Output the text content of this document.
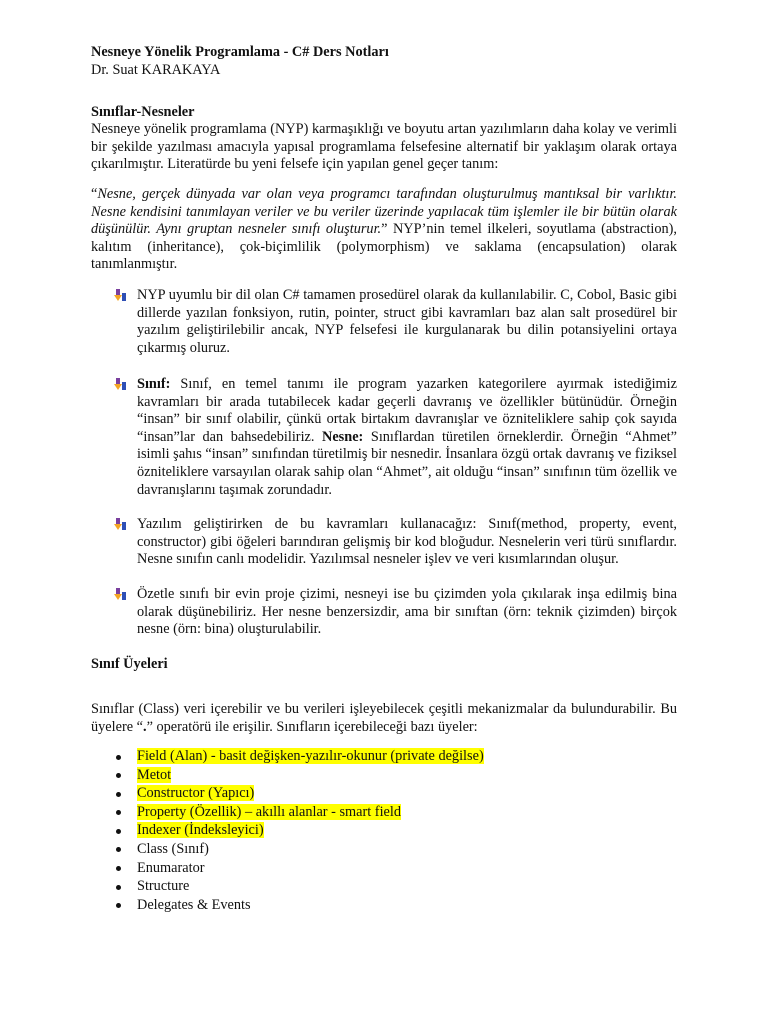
Nesneye Yönelik Programlama - C# Ders Notları
Dr. Suat KARAKAYA
Sınıflar-Nesneler
Nesneye yönelik programlama (NYP) karmaşıklığı ve boyutu artan yazılımların daha kolay ve verimli bir şekilde yazılması amacıyla yapısal programlama felsefesine alternatif bir yaklaşım olarak ortaya çıkarılmıştır. Literatürde bu yeni felsefe için yapılan genel geçer tanım:
“Nesne, gerçek dünyada var olan veya programcı tarafından oluşturulmuş mantıksal bir varlıktır. Nesne kendisini tanımlayan veriler ve bu veriler üzerinde yapılacak tüm işlemler ile bir bütün olarak düşünülür. Aynı gruptan nesneler sınıfı oluşturur.” NYP’nin temel ilkeleri, soyutlama (abstraction), kalıtım (inheritance), çok-biçimlilik (polymorphism) ve saklama (encapsulation) olarak tanımlanmıştır.
NYP uyumlu bir dil olan C# tamamen prosedürel olarak da kullanılabilir. C, Cobol, Basic gibi dillerde yazılan fonksiyon, rutin, pointer, struct gibi kavramları baz alan salt prosedürel bir yazılım geliştirilebilir ancak, NYP felsefesi ile kurgulanarak bu dilin potansiyelini ortaya çıkarmış oluruz.
Sınıf: Sınıf, en temel tanımı ile program yazarken kategorilere ayırmak istediğimiz kavramları bir arada tutabilecek kadar geçerli davranış ve özellikler bütünüdür. Örneğin “insan” bir sınıf olabilir, çünkü ortak birtakım davranışlar ve özniteliklere sahip çok sayıda “insan”lar dan bahsedebiliriz. Nesne: Sınıflardan türetilen örneklerdir. Örneğin “Ahmet” isimli şahıs “insan” sınıfından türetilmiş bir nesnedir. İnsanlara özgü ortak davranış ve fiziksel özniteliklere varsayılan olarak sahip olan “Ahmet”, ait olduğu “insan” sınıfının tüm özellik ve davranışlarını taşımak zorundadır.
Yazılım geliştirirken de bu kavramları kullanacağız: Sınıf(method, property, event, constructor) gibi öğeleri barındıran gelişmiş bir kod bloğudur. Nesnelerin veri türü sınıflardır. Nesne sınıfın canlı modelidir. Yazılımsal nesneler işlev ve veri kısımlarından oluşur.
Özetle sınıfı bir evin proje çizimi, nesneyi ise bu çizimden yola çıkılarak inşa edilmiş bina olarak düşünebiliriz. Her nesne benzersizdir, ama bir sınıftan (örn: teknik çizimden) birçok nesne (örn: bina) oluşturulabilir.
Sınıf Üyeleri
Sınıflar (Class) veri içerebilir ve bu verileri işleyebilecek çeşitli mekanizmalar da bulundurabilir. Bu üyelere “.” operatörü ile erişilir. Sınıfların içerebileceği bazı üyeler:
Field (Alan) - basit değişken-yazılır-okunur (private değilse)
Metot
Constructor (Yapıcı)
Property (Özellik) – akıllı alanlar - smart field
Indexer (İndeksleyici)
Class (Sınıf)
Enumarator
Structure
Delegates & Events
